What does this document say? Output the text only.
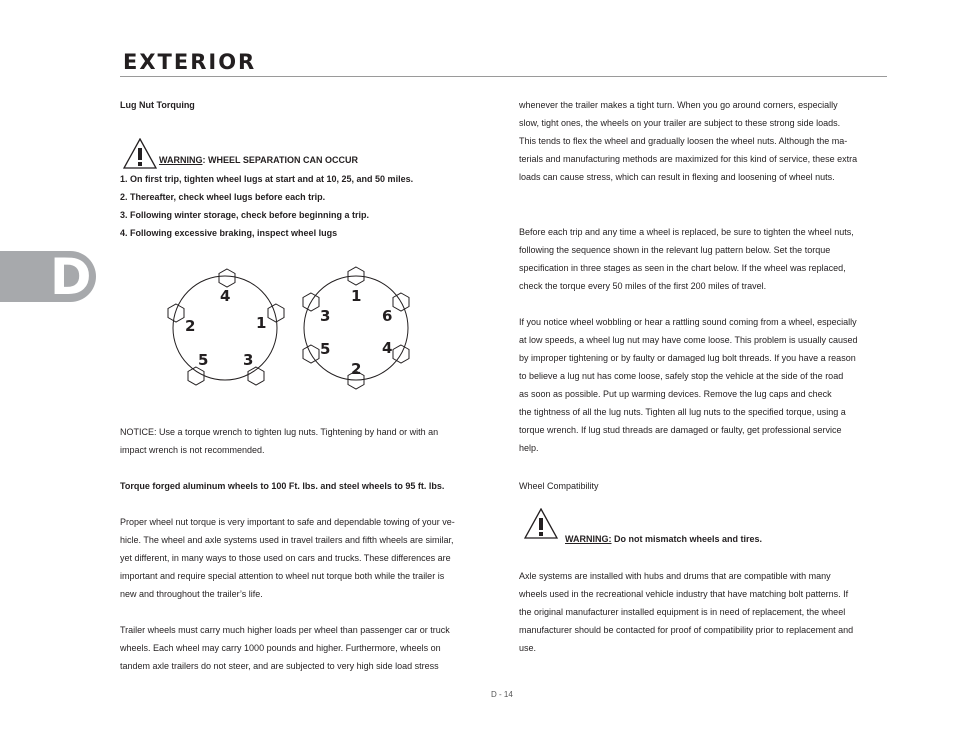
EXTERIOR
D
Lug Nut Torquing
WARNING: WHEEL SEPARATION CAN OCCUR
1. On first trip, tighten wheel lugs at start and at 10, 25, and 50 miles.
2. Thereafter, check wheel lugs before each trip.
3. Following winter storage, check before beginning a trip.
4. Following excessive braking, inspect wheel lugs
4
1
3
5
2
1
6
4
2
5
3
NOTICE: Use a torque wrench to tighten lug nuts. Tightening by hand or with an
impact wrench is not recommended.
Torque forged aluminum wheels to 100 Ft. lbs. and steel wheels to 95 ft. lbs.
Proper wheel nut torque is very important to safe and dependable towing of your ve-
hicle. The wheel and axle systems used in travel trailers and fifth wheels are similar,
yet different, in many ways to those used on cars and trucks. These differences are
important and require special attention to wheel nut torque both while the trailer is
new and throughout the trailer’s life.
Trailer wheels must carry much higher loads per wheel than passenger car or truck
wheels. Each wheel may carry 1000 pounds and higher. Furthermore, wheels on
tandem axle trailers do not steer, and are subjected to very high side load stress
whenever the trailer makes a tight turn. When you go around corners, especially
slow, tight ones, the wheels on your trailer are subject to these strong side loads.
This tends to flex the wheel and gradually loosen the wheel nuts. Although the ma-
terials and manufacturing methods are maximized for this kind of service, these extra
loads can cause stress, which can result in flexing and loosening of wheel nuts.
Before each trip and any time a wheel is replaced, be sure to tighten the wheel nuts,
following the sequence shown in the relevant lug pattern below. Set the torque
specification in three stages as seen in the chart below. If the wheel was replaced,
check the torque every 50 miles of the first 200 miles of travel.
If you notice wheel wobbling or hear a rattling sound coming from a wheel, especially
at low speeds, a wheel lug nut may have come loose. This problem is usually caused
by improper tightening or by faulty or damaged lug bolt threads. If you have a reason
to believe a lug nut has come loose, safely stop the vehicle at the side of the road
as soon as possible. Put up warming devices. Remove the lug caps and check
the tightness of all the lug nuts. Tighten all lug nuts to the specified torque, using a
torque wrench. If lug stud threads are damaged or faulty, get professional service
help.
Wheel Compatibility
WARNING: Do not mismatch wheels and tires.
Axle systems are installed with hubs and drums that are compatible with many
wheels used in the recreational vehicle industry that have matching bolt patterns. If
the original manufacturer installed equipment is in need of replacement, the wheel
manufacturer should be contacted for proof of compatibility prior to replacement and
use.
D - 14
